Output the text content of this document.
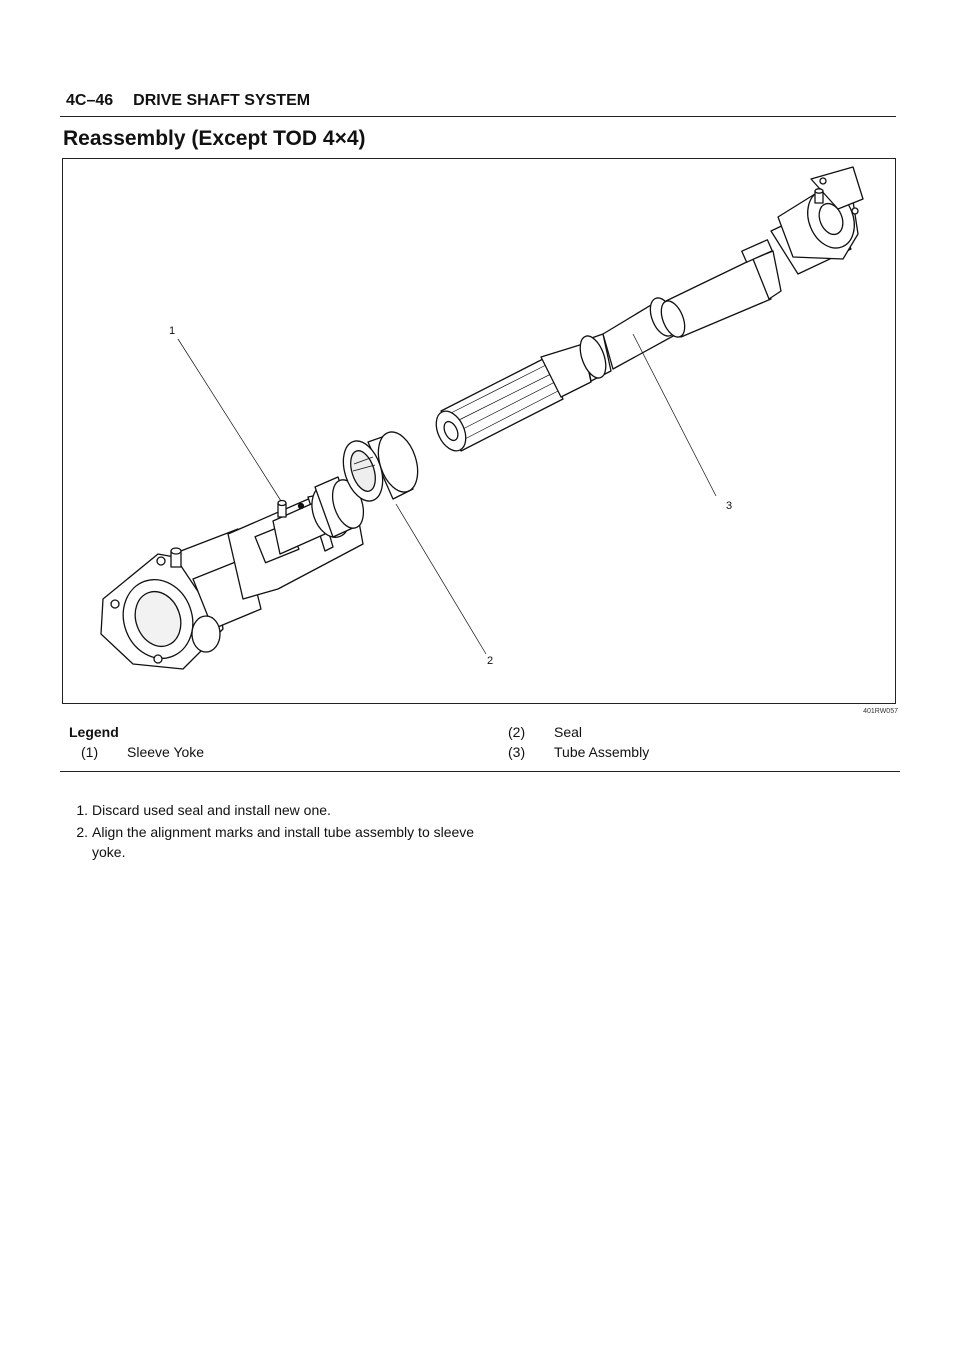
4C–46 DRIVE SHAFT SYSTEM
Reassembly (Except TOD 4×4)
1
2
3
401RW057
Legend
(1)	Sleeve Yoke
(2)	Seal
(3)	Tube Assembly
1. Discard used seal and install new one.
2. Align the alignment marks and install tube assembly to sleeve yoke.
